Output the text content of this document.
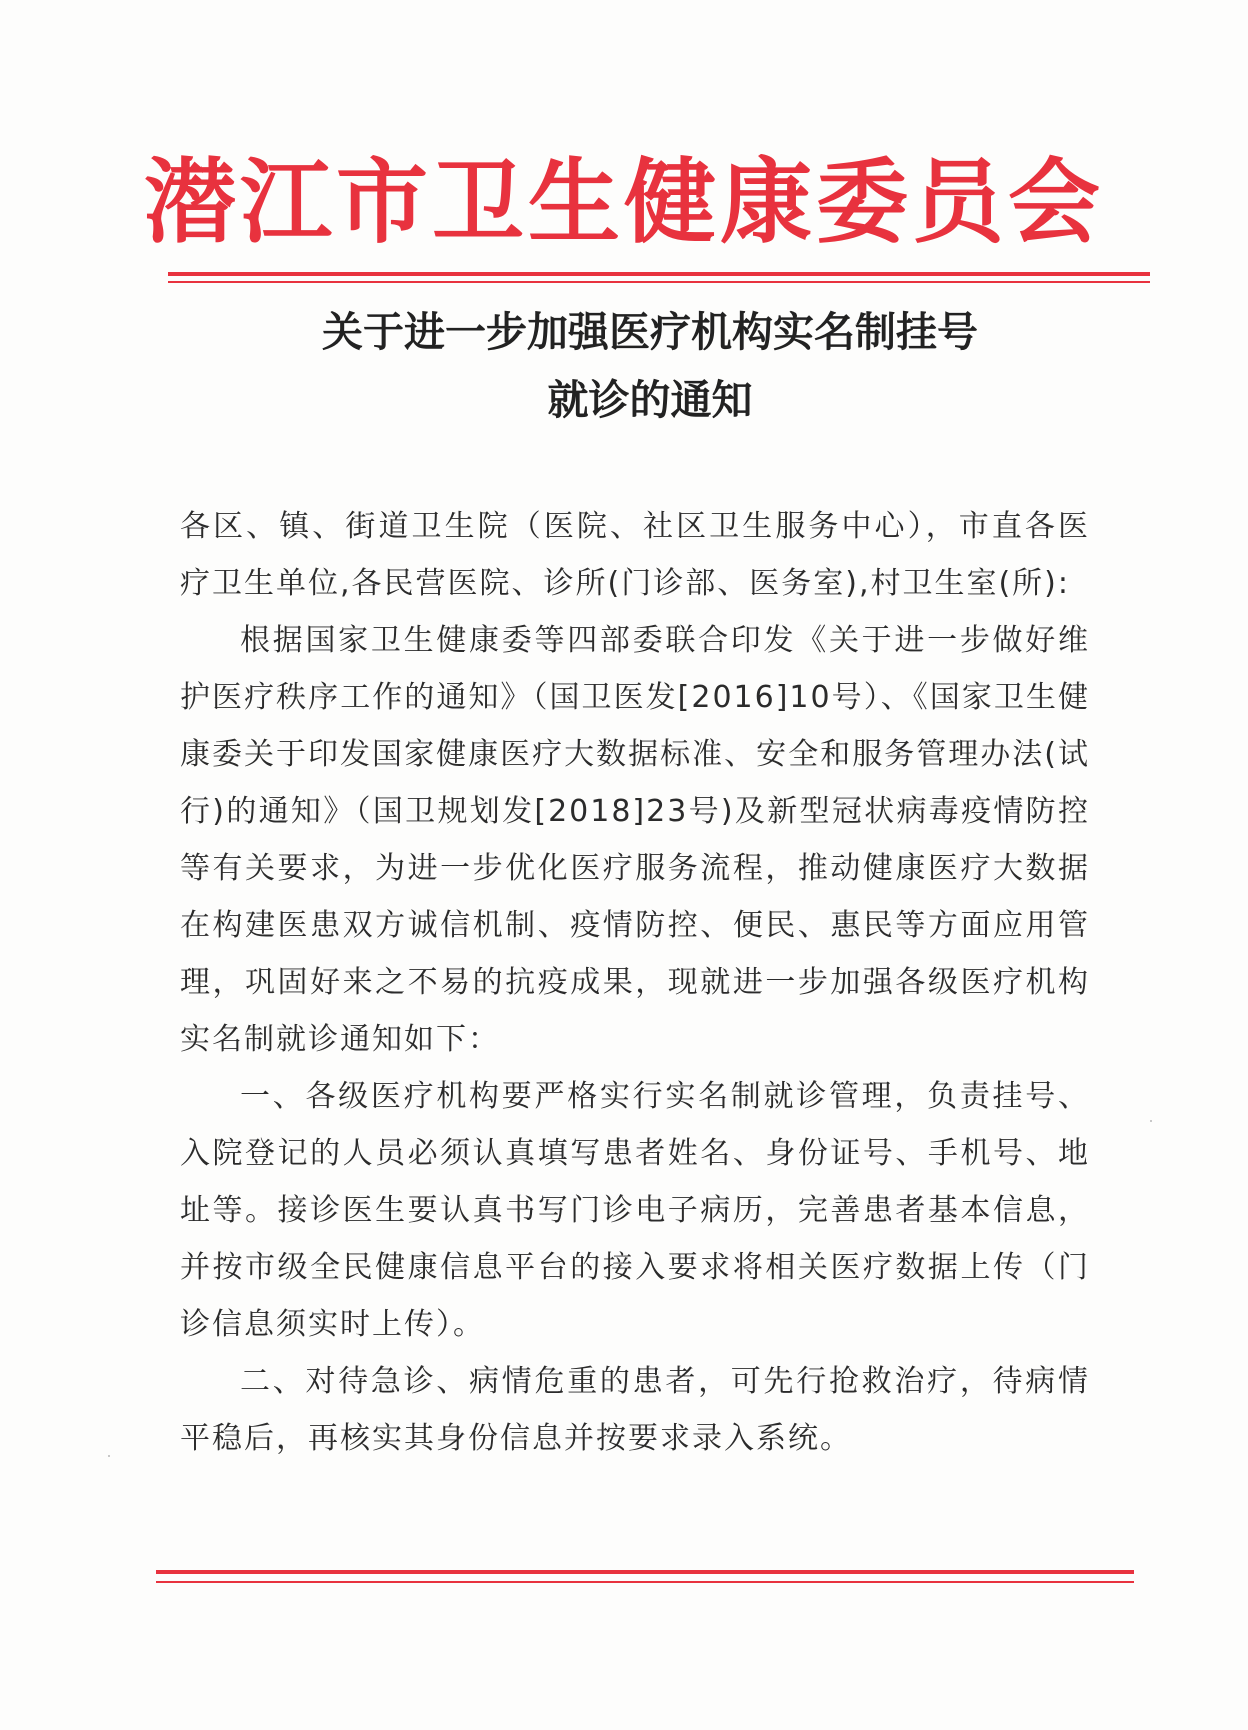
潜江市卫生健康委员会
关于进一步加强医疗机构实名制挂号
就诊的通知

各区、镇、街道卫生院（医院、社区卫生服务中心），市直各医疗卫生单位,各民营医院、诊所(门诊部、医务室),村卫生室(所):

根据国家卫生健康委等四部委联合印发《关于进一步做好维护医疗秩序工作的通知》（国卫医发[2016]10号）、《国家卫生健康委关于印发国家健康医疗大数据标准、安全和服务管理办法(试行)的通知》（国卫规划发[2018]23号)及新型冠状病毒疫情防控等有关要求，为进一步优化医疗服务流程，推动健康医疗大数据在构建医患双方诚信机制、疫情防控、便民、惠民等方面应用管理，巩固好来之不易的抗疫成果，现就进一步加强各级医疗机构实名制就诊通知如下：

一、各级医疗机构要严格实行实名制就诊管理，负责挂号、入院登记的人员必须认真填写患者姓名、身份证号、手机号、地址等。接诊医生要认真书写门诊电子病历，完善患者基本信息，并按市级全民健康信息平台的接入要求将相关医疗数据上传（门诊信息须实时上传）。

二、对待急诊、病情危重的患者，可先行抢救治疗，待病情平稳后，再核实其身份信息并按要求录入系统。
